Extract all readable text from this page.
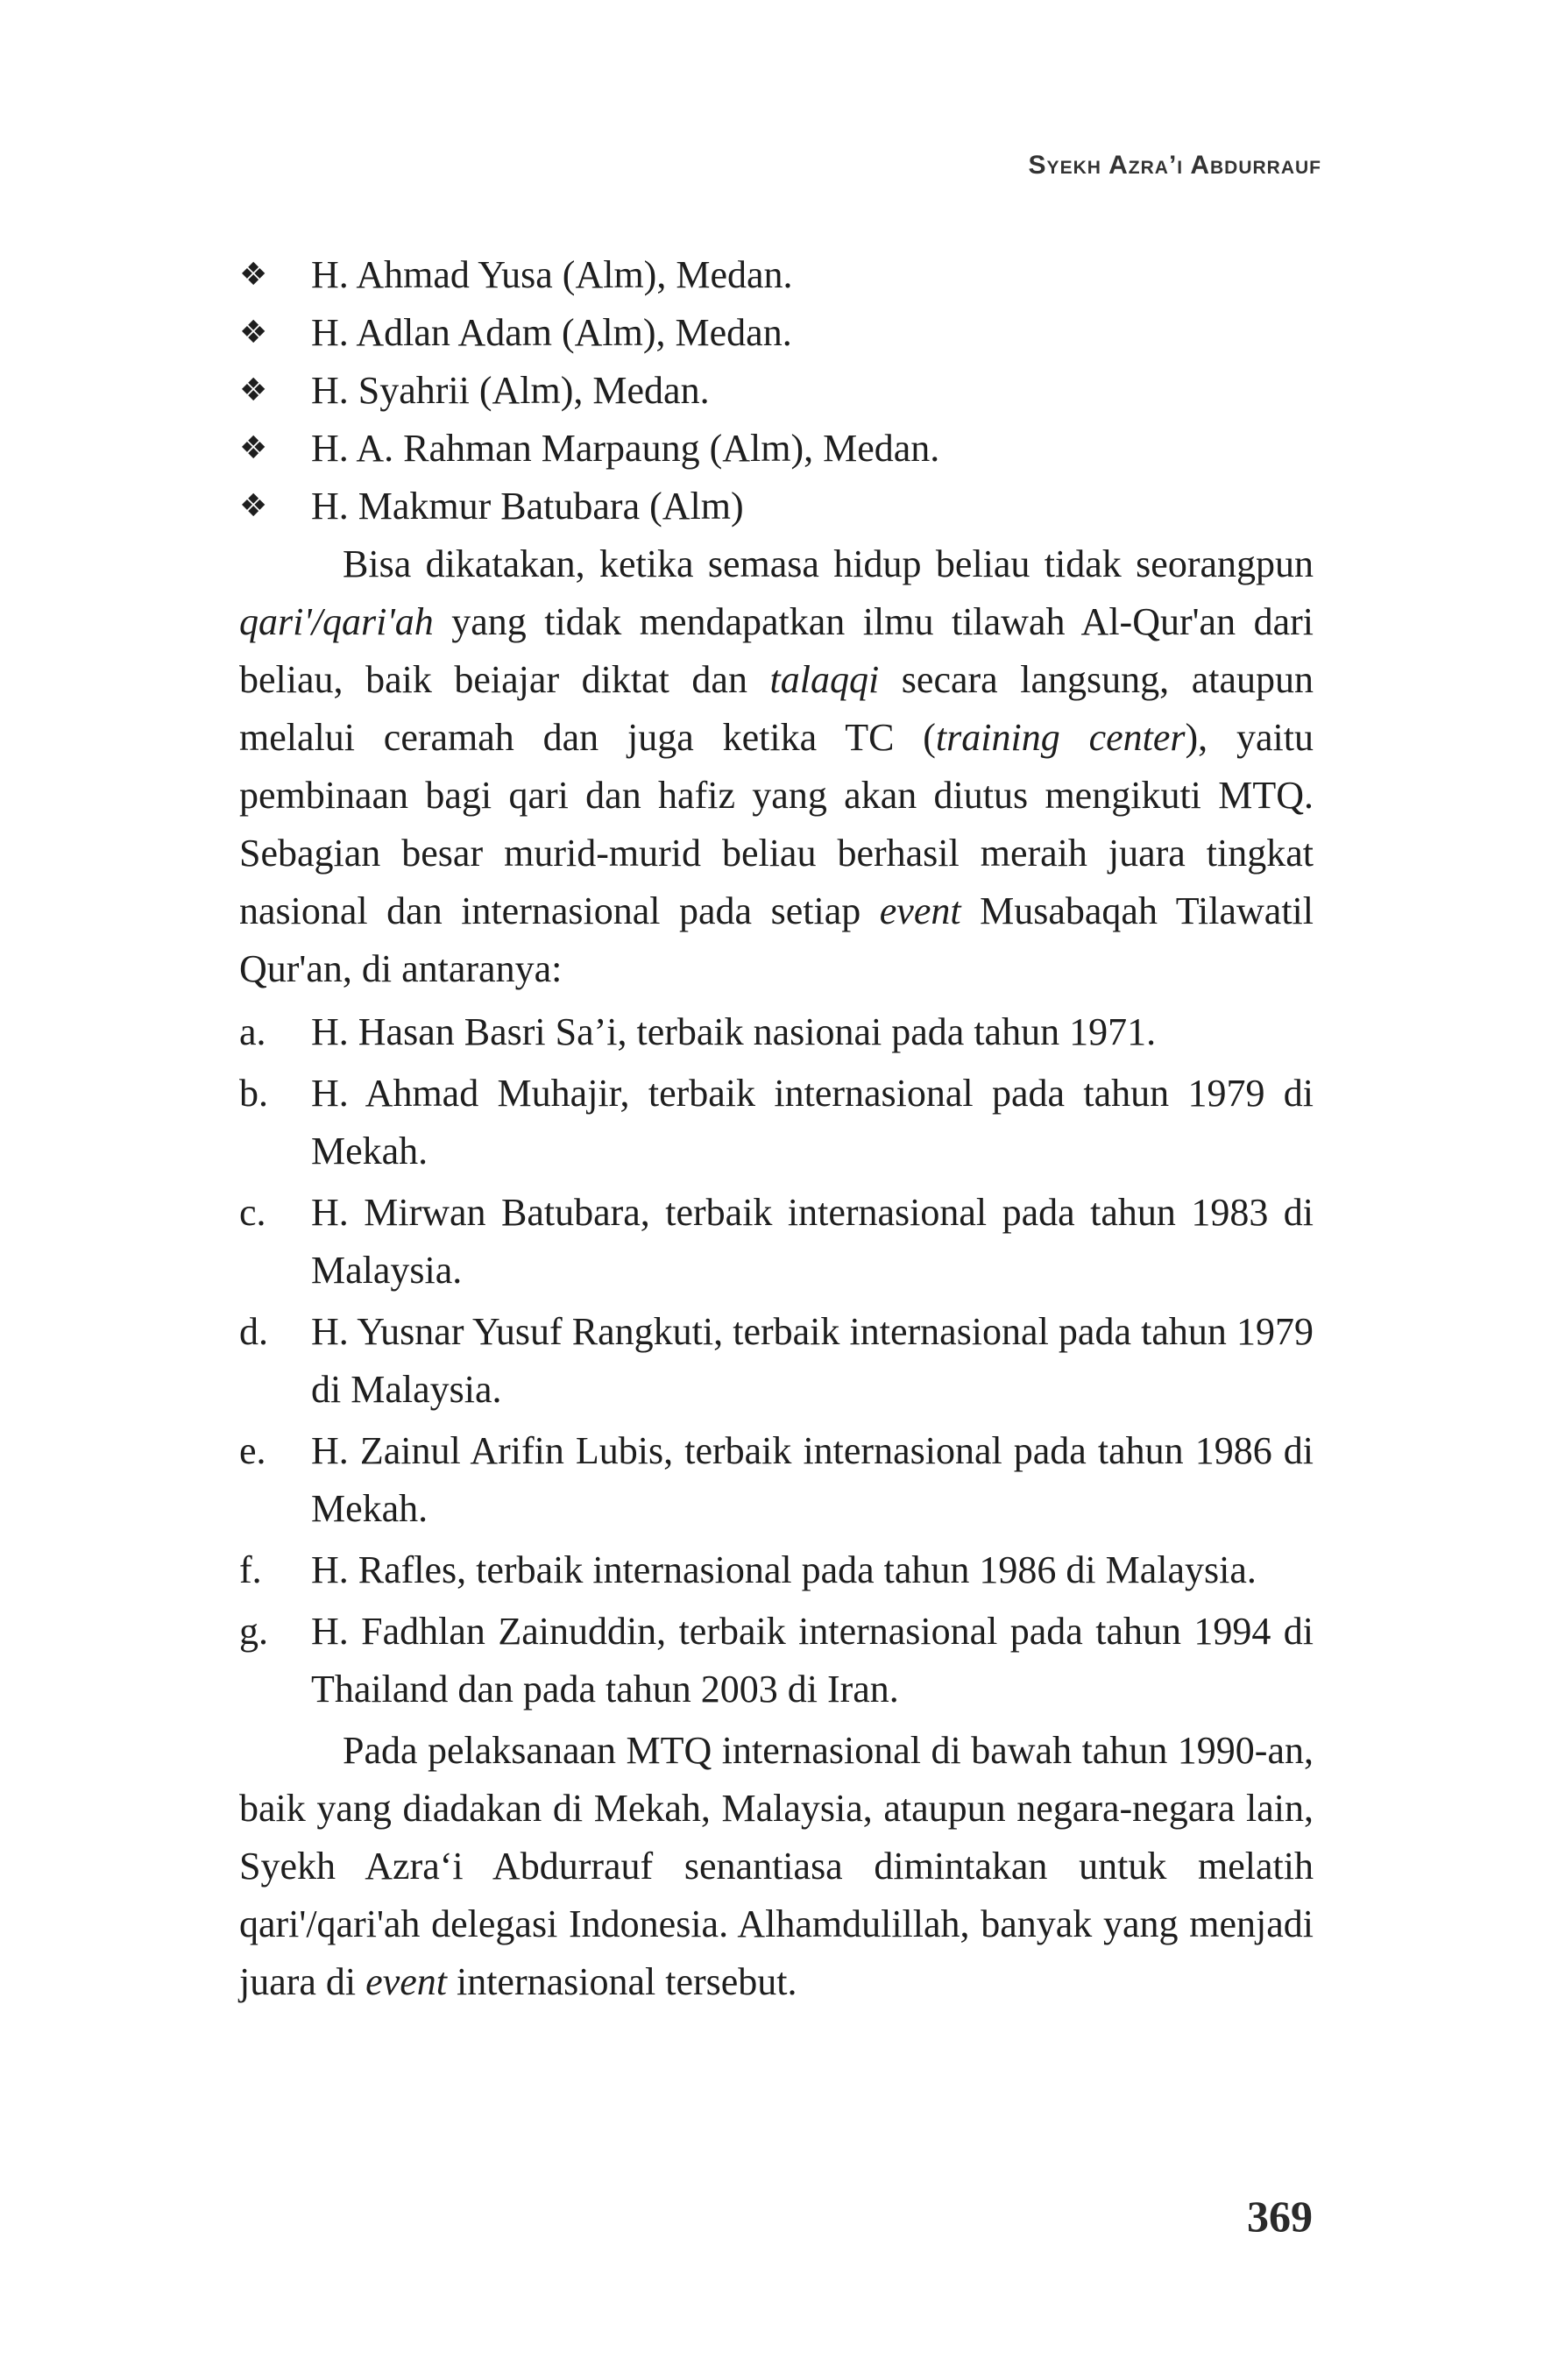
Syekh Azra’i Abdurrauf
❖	H. Ahmad Yusa (Alm), Medan.
❖	H. Adlan Adam (Alm), Medan.
❖	H. Syahrii (Alm), Medan.
❖	H. A. Rahman Marpaung (Alm), Medan.
❖	H. Makmur Batubara (Alm)

Bisa dikatakan, ketika semasa hidup beliau tidak seorangpun qari'/qari'ah yang tidak mendapatkan ilmu tilawah Al-Qur'an dari beliau, baik beiajar diktat dan talaqqi secara langsung, ataupun melalui ceramah dan juga ketika TC (training center), yaitu pembinaan bagi qari dan hafiz yang akan diutus mengikuti MTQ. Sebagian besar murid-murid beliau berhasil meraih juara tingkat nasional dan internasional pada setiap event Musabaqah Tilawatil Qur'an, di antaranya:

a.	H. Hasan Basri Sa’i, terbaik nasionai pada tahun 1971.
b.	H. Ahmad Muhajir, terbaik internasional pada tahun 1979 di Mekah.
c.	H. Mirwan Batubara, terbaik internasional pada tahun 1983 di Malaysia.
d.	H. Yusnar Yusuf Rangkuti, terbaik internasional pada tahun 1979 di Malaysia.
e.	H. Zainul Arifin Lubis, terbaik internasional pada tahun 1986 di Mekah.
f.	H. Rafles, terbaik internasional pada tahun 1986 di Malaysia.
g.	H. Fadhlan Zainuddin, terbaik internasional pada tahun 1994 di Thailand dan pada tahun 2003 di Iran.

Pada pelaksanaan MTQ internasional di bawah tahun 1990-an, baik yang diadakan di Mekah, Malaysia, ataupun negara-negara lain, Syekh Azra‘i Abdurrauf senantiasa dimintakan untuk melatih qari'/qari'ah delegasi Indonesia. Alhamdulillah, banyak yang menjadi juara di event internasional tersebut.

369
